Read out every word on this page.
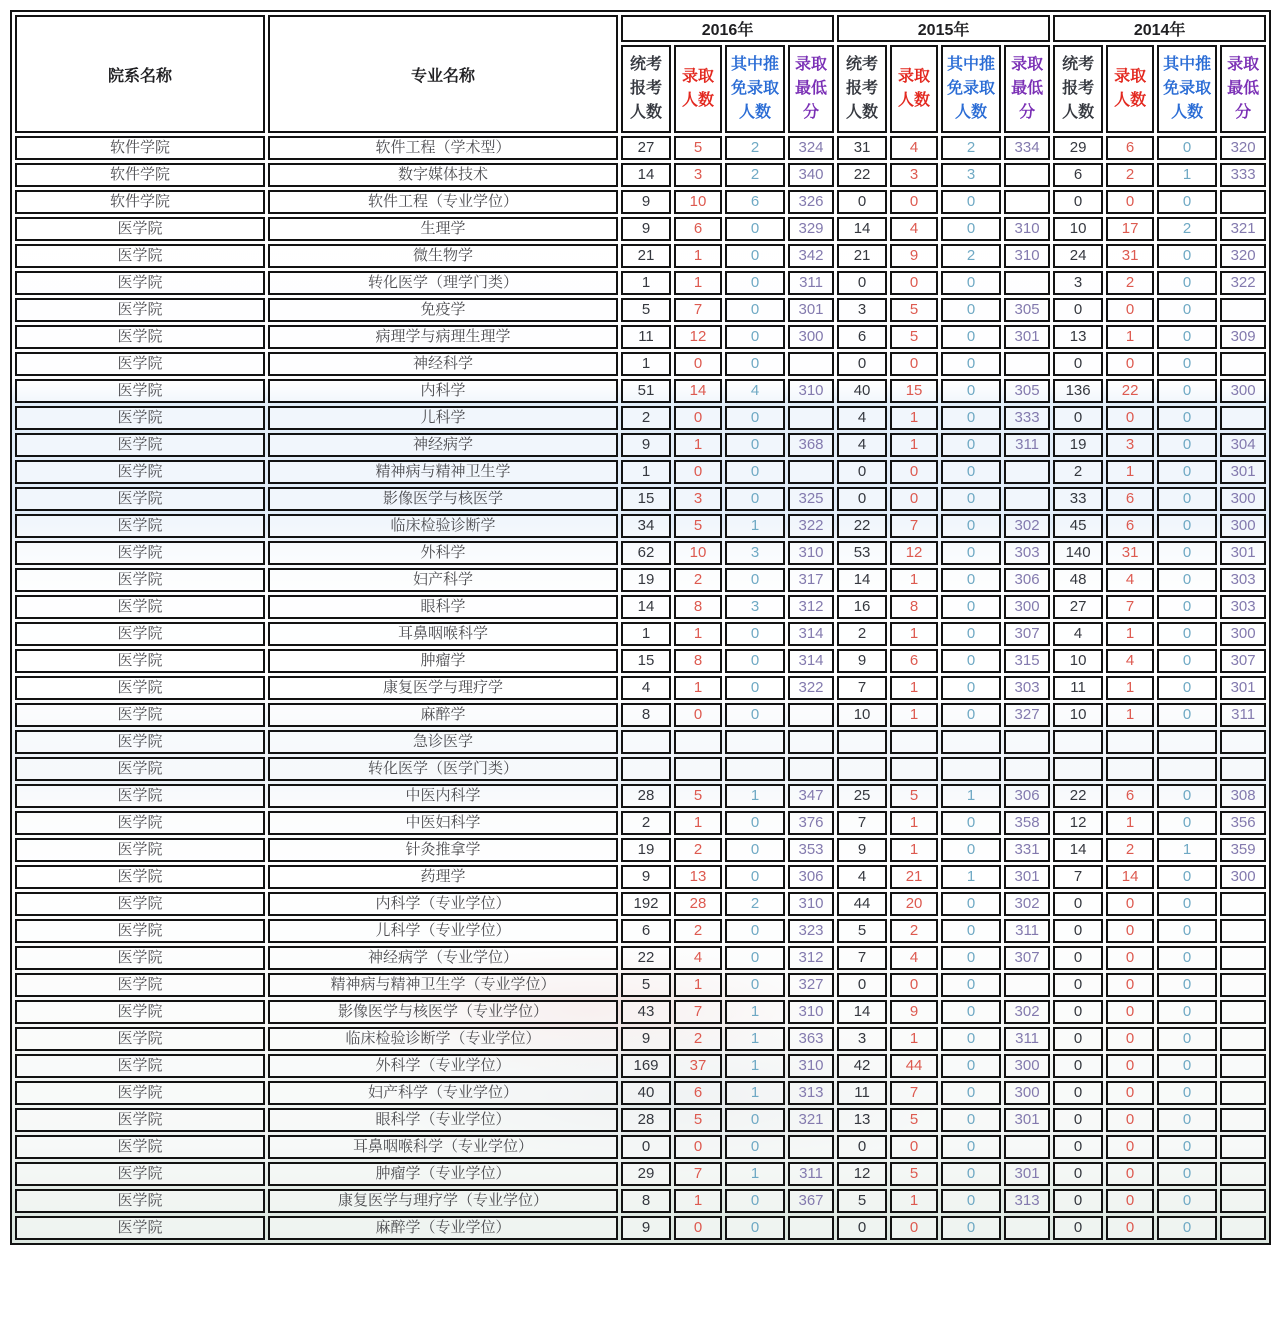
院系名称	专业名称	2016年				2015年				2014年			
		统考报考人数	录取人数	其中推免录取人数	录取最低分	统考报考人数	录取人数	其中推免录取人数	录取最低分	统考报考人数	录取人数	其中推免录取人数	录取最低分
软件学院	软件工程（学术型）	27	5	2	324	31	4	2	334	29	6	0	320
软件学院	数字媒体技术	14	3	2	340	22	3	3		6	2	1	333
软件学院	软件工程（专业学位）	9	10	6	326	0	0	0		0	0	0	
医学院	生理学	9	6	0	329	14	4	0	310	10	17	2	321
医学院	微生物学	21	1	0	342	21	9	2	310	24	31	0	320
医学院	转化医学（理学门类）	1	1	0	311	0	0	0		3	2	0	322
医学院	免疫学	5	7	0	301	3	5	0	305	0	0	0	
医学院	病理学与病理生理学	11	12	0	300	6	5	0	301	13	1	0	309
医学院	神经科学	1	0	0		0	0	0		0	0	0	
医学院	内科学	51	14	4	310	40	15	0	305	136	22	0	300
医学院	儿科学	2	0	0		4	1	0	333	0	0	0	
医学院	神经病学	9	1	0	368	4	1	0	311	19	3	0	304
医学院	精神病与精神卫生学	1	0	0		0	0	0		2	1	0	301
医学院	影像医学与核医学	15	3	0	325	0	0	0		33	6	0	300
医学院	临床检验诊断学	34	5	1	322	22	7	0	302	45	6	0	300
医学院	外科学	62	10	3	310	53	12	0	303	140	31	0	301
医学院	妇产科学	19	2	0	317	14	1	0	306	48	4	0	303
医学院	眼科学	14	8	3	312	16	8	0	300	27	7	0	303
医学院	耳鼻咽喉科学	1	1	0	314	2	1	0	307	4	1	0	300
医学院	肿瘤学	15	8	0	314	9	6	0	315	10	4	0	307
医学院	康复医学与理疗学	4	1	0	322	7	1	0	303	11	1	0	301
医学院	麻醉学	8	0	0		10	1	0	327	10	1	0	311
医学院	急诊医学												
医学院	转化医学（医学门类）												
医学院	中医内科学	28	5	1	347	25	5	1	306	22	6	0	308
医学院	中医妇科学	2	1	0	376	7	1	0	358	12	1	0	356
医学院	针灸推拿学	19	2	0	353	9	1	0	331	14	2	1	359
医学院	药理学	9	13	0	306	4	21	1	301	7	14	0	300
医学院	内科学（专业学位）	192	28	2	310	44	20	0	302	0	0	0	
医学院	儿科学（专业学位）	6	2	0	323	5	2	0	311	0	0	0	
医学院	神经病学（专业学位）	22	4	0	312	7	4	0	307	0	0	0	
医学院	精神病与精神卫生学（专业学位）	5	1	0	327	0	0	0		0	0	0	
医学院	影像医学与核医学（专业学位）	43	7	1	310	14	9	0	302	0	0	0	
医学院	临床检验诊断学（专业学位）	9	2	1	363	3	1	0	311	0	0	0	
医学院	外科学（专业学位）	169	37	1	310	42	44	0	300	0	0	0	
医学院	妇产科学（专业学位）	40	6	1	313	11	7	0	300	0	0	0	
医学院	眼科学（专业学位）	28	5	0	321	13	5	0	301	0	0	0	
医学院	耳鼻咽喉科学（专业学位）	0	0	0		0	0	0		0	0	0	
医学院	肿瘤学（专业学位）	29	7	1	311	12	5	0	301	0	0	0	
医学院	康复医学与理疗学（专业学位）	8	1	0	367	5	1	0	313	0	0	0	
医学院	麻醉学（专业学位）	9	0	0		0	0	0		0	0	0	
